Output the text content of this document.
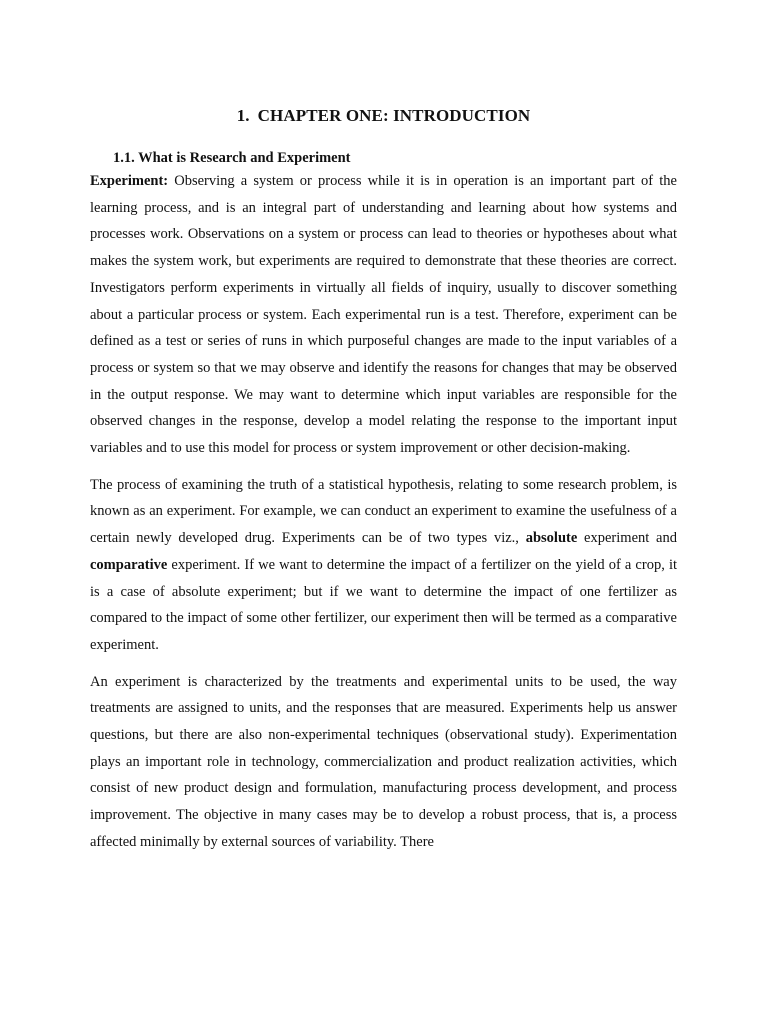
1. CHAPTER ONE: INTRODUCTION
1.1. What is Research and Experiment

Experiment: Observing a system or process while it is in operation is an important part of the learning process, and is an integral part of understanding and learning about how systems and processes work. Observations on a system or process can lead to theories or hypotheses about what makes the system work, but experiments are required to demonstrate that these theories are correct. Investigators perform experiments in virtually all fields of inquiry, usually to discover something about a particular process or system. Each experimental run is a test. Therefore, experiment can be defined as a test or series of runs in which purposeful changes are made to the input variables of a process or system so that we may observe and identify the reasons for changes that may be observed in the output response. We may want to determine which input variables are responsible for the observed changes in the response, develop a model relating the response to the important input variables and to use this model for process or system improvement or other decision-making.

The process of examining the truth of a statistical hypothesis, relating to some research problem, is known as an experiment. For example, we can conduct an experiment to examine the usefulness of a certain newly developed drug. Experiments can be of two types viz., absolute experiment and comparative experiment. If we want to determine the impact of a fertilizer on the yield of a crop, it is a case of absolute experiment; but if we want to determine the impact of one fertilizer as compared to the impact of some other fertilizer, our experiment then will be termed as a comparative experiment.

An experiment is characterized by the treatments and experimental units to be used, the way treatments are assigned to units, and the responses that are measured. Experiments help us answer questions, but there are also non-experimental techniques (observational study). Experimentation plays an important role in technology, commercialization and product realization activities, which consist of new product design and formulation, manufacturing process development, and process improvement. The objective in many cases may be to develop a robust process, that is, a process affected minimally by external sources of variability. There
